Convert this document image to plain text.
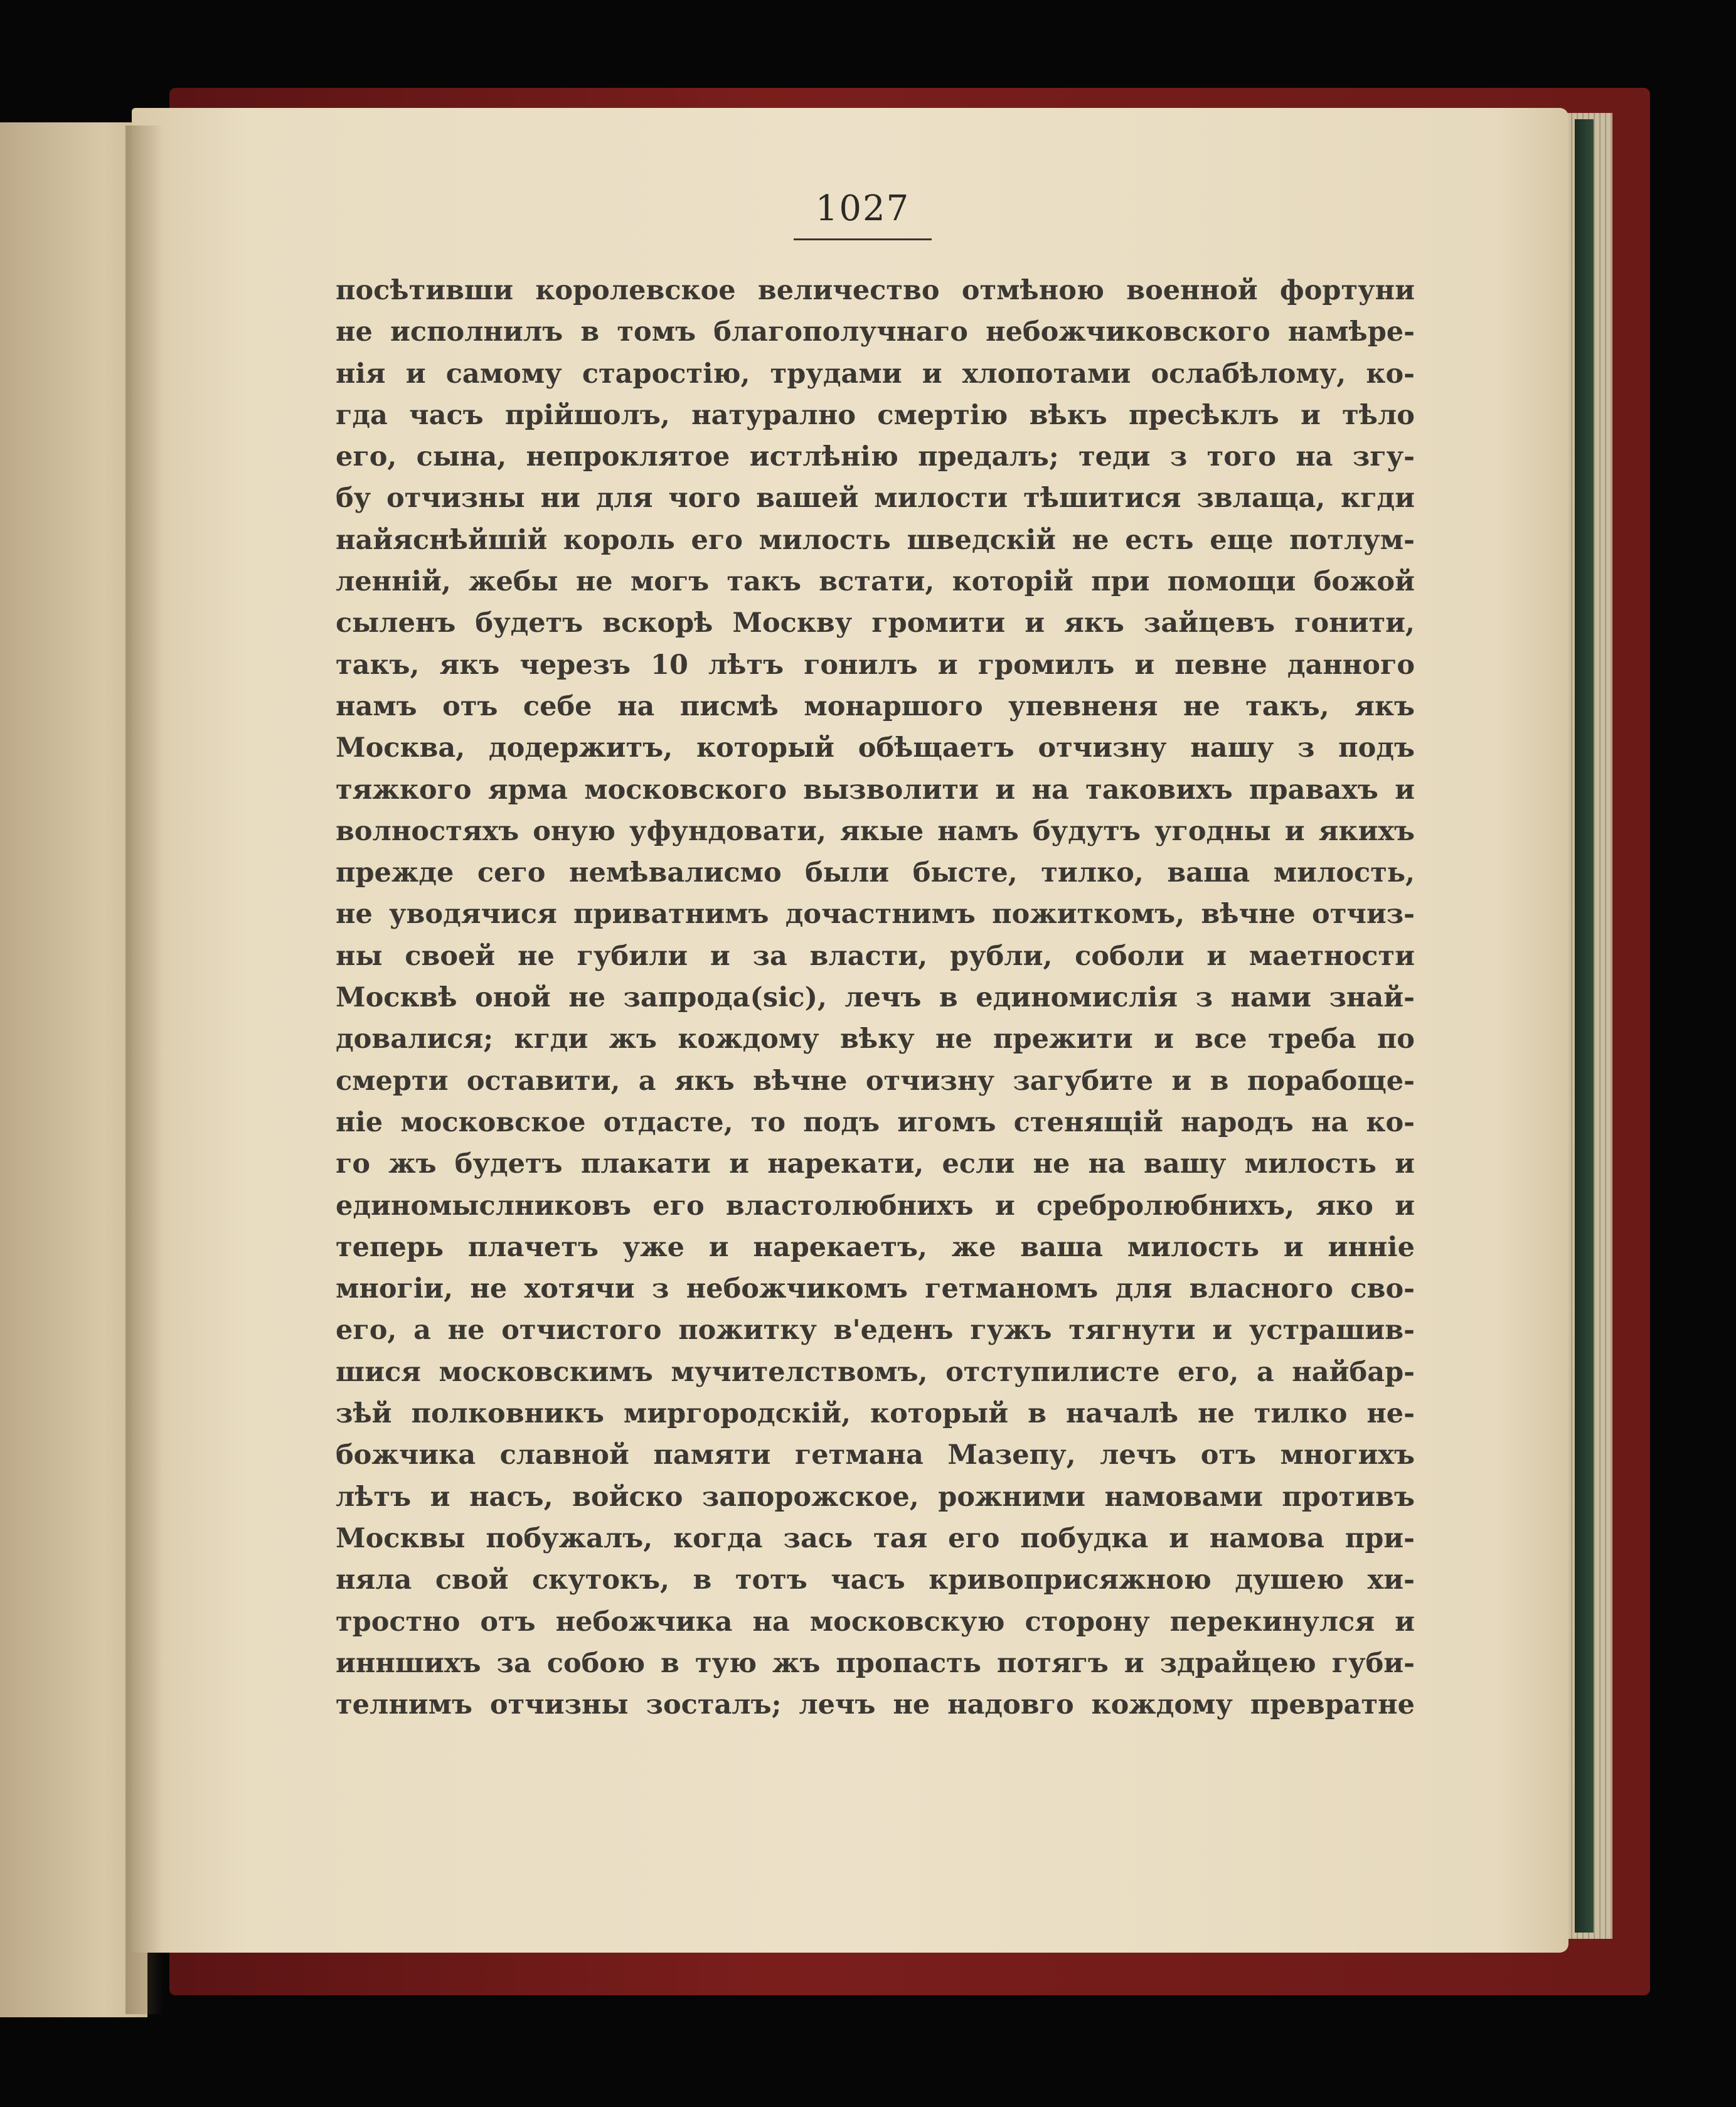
1027
посѣтивши королевское величество отмѣною военной фортуни
не исполнилъ в томъ благополучнаго небожчиковского намѣре-
нія и самому старостію, трудами и хлопотами ослабѣлому, ко-
гда часъ прійшолъ, натурално смертію вѣкъ пресѣклъ и тѣло
его, сына, непроклятое истлѣнію предалъ; теди з того на згу-
бу отчизны ни для чого вашей милости тѣшитися звлаща, кгди
найяснѣйшій король его милость шведскій не есть еще потлум-
ленній, жебы не могъ такъ встати, которій при помощи божой
сыленъ будетъ вскорѣ Москву громити и якъ зайцевъ гонити,
такъ, якъ черезъ 10 лѣтъ гонилъ и громилъ и певне данного
намъ отъ себе на писмѣ монаршого упевненя не такъ, якъ
Москва, додержитъ, который обѣщаетъ отчизну нашу з подъ
тяжкого ярма московского вызволити и на таковихъ правахъ и
волностяхъ оную уфундовати, якые намъ будутъ угодны и якихъ
прежде сего немѣвалисмо были бысте, тилко, ваша милость,
не уводячися приватнимъ дочастнимъ пожиткомъ, вѣчне отчиз-
ны своей не губили и за власти, рубли, соболи и маетности
Москвѣ оной не запрода(sic), лечъ в единомислія з нами знай-
довалися; кгди жъ кождому вѣку не прежити и все треба по
смерти оставити, а якъ вѣчне отчизну загубите и в порабоще-
ніе московское отдасте, то подъ игомъ стенящій народъ на ко-
го жъ будетъ плакати и нарекати, если не на вашу милость и
единомыслниковъ его властолюбнихъ и сребролюбнихъ, яко и
теперь плачетъ уже и нарекаетъ, же ваша милость и инніе
многіи, не хотячи з небожчикомъ гетманомъ для власного сво-
его, а не отчистого пожитку в'еденъ гужъ тягнути и устрашив-
шися московскимъ мучителствомъ, отступилисте его, а найбар-
зѣй полковникъ миргородскій, который в началѣ не тилко не-
божчика славной памяти гетмана Мазепу, лечъ отъ многихъ
лѣтъ и насъ, войско запорожское, рожними намовами противъ
Москвы побужалъ, когда зась тая его побудка и намова при-
няла свой скутокъ, в тотъ часъ кривоприсяжною душею хи-
тростно отъ небожчика на московскую сторону перекинулся и
инншихъ за собою в тую жъ пропасть потягъ и здрайцею губи-
телнимъ отчизны зосталъ; лечъ не надовго кождому превратне
